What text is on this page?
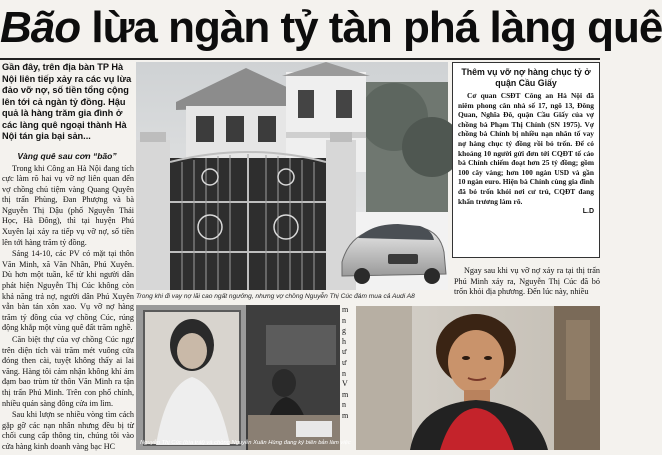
Bão lừa ngàn tỷ tàn phá làng quê
Gần đây, trên địa bàn TP Hà Nội liên tiếp xảy ra các vụ lừa đảo vỡ nợ, số tiền tổng cộng lên tới cả ngàn tỷ đồng. Hậu quả là hàng trăm gia đình ở các làng quê ngoại thành Hà Nội tán gia bại sản...
Vàng quê sau cơn “bão”

Trong khi Công an Hà Nội đang tích cực làm rõ hai vụ vỡ nợ liên quan đến vợ chồng chủ tiệm vàng Quang Quyên thị trấn Phùng, Đan Phượng và bà Nguyễn Thị Dậu (phố Nguyễn Thái Học, Hà Đông), thì tại huyện Phú Xuyên lại xảy ra tiếp vụ vỡ nợ, số tiền lên tới hàng trăm tỷ đồng.

Sáng 14-10, các PV có mặt tại thôn Văn Minh, xã Văn Nhân, Phú Xuyên. Dù hơn một tuần, kể từ khi người dân phát hiện Nguyễn Thị Cúc không còn khả năng trả nợ, người dân Phú Xuyên vẫn bàn tán xôn xao. Vụ vỡ nợ hàng trăm tỷ đồng của vợ chồng Cúc, rúng động khắp một vùng quê đất trăm nghề.

Căn biệt thự của vợ chồng Cúc ngự trên diện tích vài trăm mét vuông cửa đóng then cài, tuyệt không thấy ai lai vãng. Hàng tôi cảm nhận không khí ảm đạm bao trùm từ thôn Văn Minh ra tận thị trấn Phú Minh. Trên con phố chính, nhiều quán sàng đông cửa im lìm.

Sau khi lượn se nhiều vòng tìm cách gặp gỡ các nạn nhân nhưng đều bị từ chối cung cấp thông tin, chúng tôi vào cửa hàng kinh doanh vàng bạc HC

Trong khi đi vay nợ lãi cao ngất ngưởng, nhưng vợ chồng Nguyễn Thị Cúc đám mua cả Audi A8
Thêm vụ vỡ nợ hàng chục tỷ ở quận Cầu Giấy

Cơ quan CSĐT Công an Hà Nội đã niêm phong căn nhà số 17, ngõ 13, Đông Quan, Nghĩa Đô, quận Cầu Giấy của vợ chồng bà Phạm Thị Chính (SN 1975). Vợ chồng bà Chính bị nhiều nạn nhân tố vay nợ hàng chục tỷ đồng rồi bỏ trốn. Để có khoảng 10 người gửi đơn tới CQĐT tố cáo bà Chính chiếm đoạt hơn 25 tỷ đồng; gồm 100 cây vàng; hơn 100 ngàn USD và gần 10 ngàn euro. Hiện bà Chính cùng gia đình đã bỏ trốn khỏi nơi cư trú, CQĐT đang khẩn trương làm rõ.

L.D

Ngay sau khi vụ vỡ nợ xảy ra tại thị trấn Phú Minh xảy ra, Nguyễn Thị Cúc đã bỏ trốn khỏi địa phương. Đến lúc này, nhiều

Nguyễn Thị Cúc (bìa trái) và chồng Nguyễn Xuân Hùng đang ký biên bản làm việc
m
n
g
h
ư
ư
n
V
m
n
m
